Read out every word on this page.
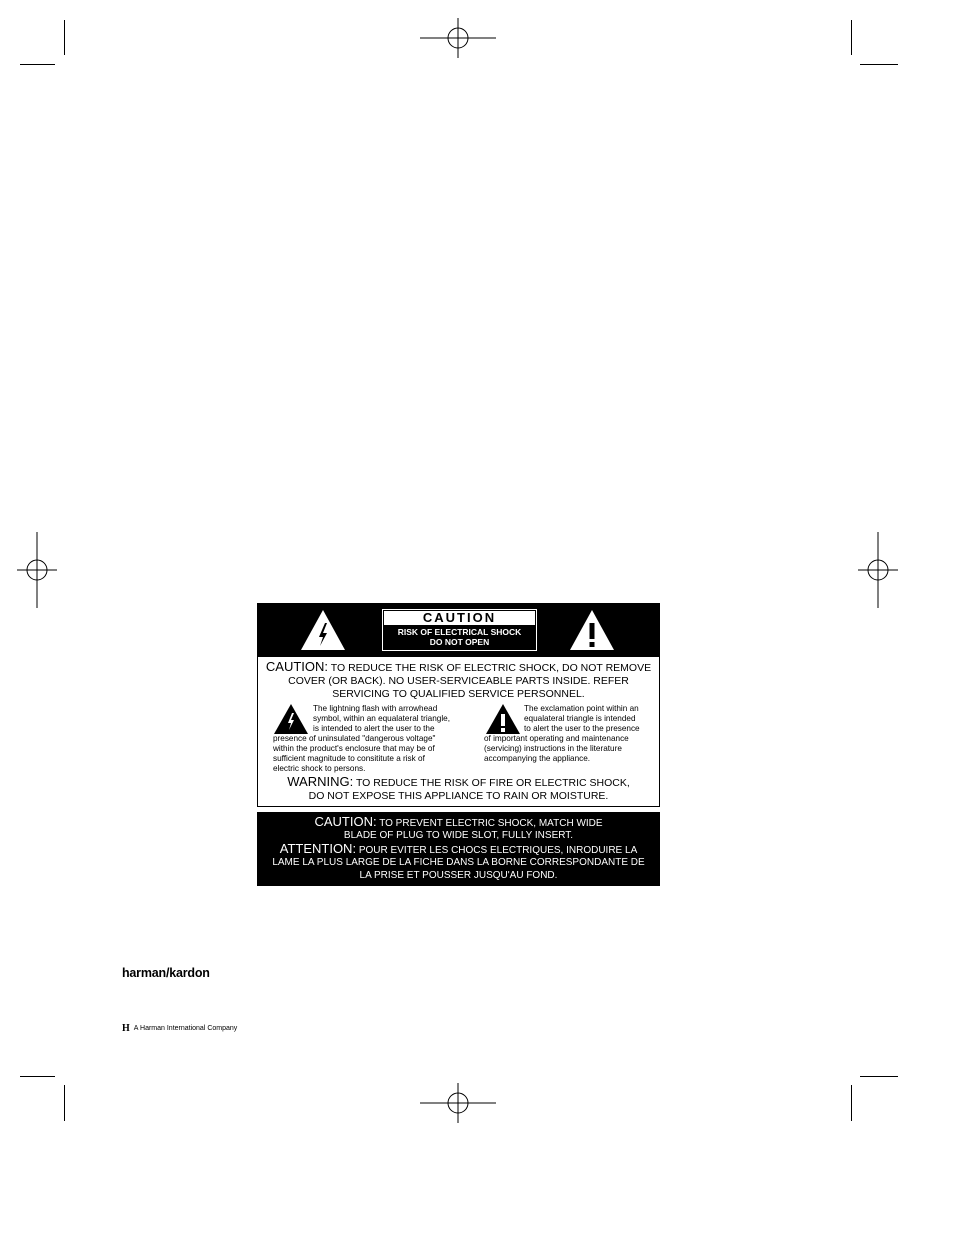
CAUTION
RISK OF ELECTRICAL SHOCK
DO NOT OPEN
CAUTION: TO REDUCE THE RISK OF ELECTRIC SHOCK, DO NOT REMOVE
COVER (OR BACK). NO USER-SERVICEABLE PARTS INSIDE. REFER
SERVICING TO QUALIFIED SERVICE PERSONNEL.
The lightning flash with arrowhead
symbol, within an equalateral triangle,
is intended to alert the user to the
presence of uninsulated "dangerous voltage"
within the product's enclosure that may be of
sufficient magnitude to consititute a risk of
electric shock to persons.
The exclamation point within an
equalateral triangle is intended
to alert the user to the presence
of important operating and maintenance
(servicing) instructions in the literature
accompanying the appliance.
WARNING: TO REDUCE THE RISK OF FIRE OR ELECTRIC SHOCK,
DO NOT EXPOSE THIS APPLIANCE TO RAIN OR MOISTURE.
CAUTION: TO PREVENT ELECTRIC SHOCK, MATCH WIDE
BLADE OF PLUG TO WIDE SLOT, FULLY INSERT.
ATTENTION: POUR EVITER LES CHOCS ELECTRIQUES, INRODUIRE LA
LAME LA PLUS LARGE DE LA FICHE DANS LA BORNE CORRESPONDANTE DE
LA PRISE ET POUSSER JUSQU'AU FOND.
harman/kardon
H A Harman International Company
